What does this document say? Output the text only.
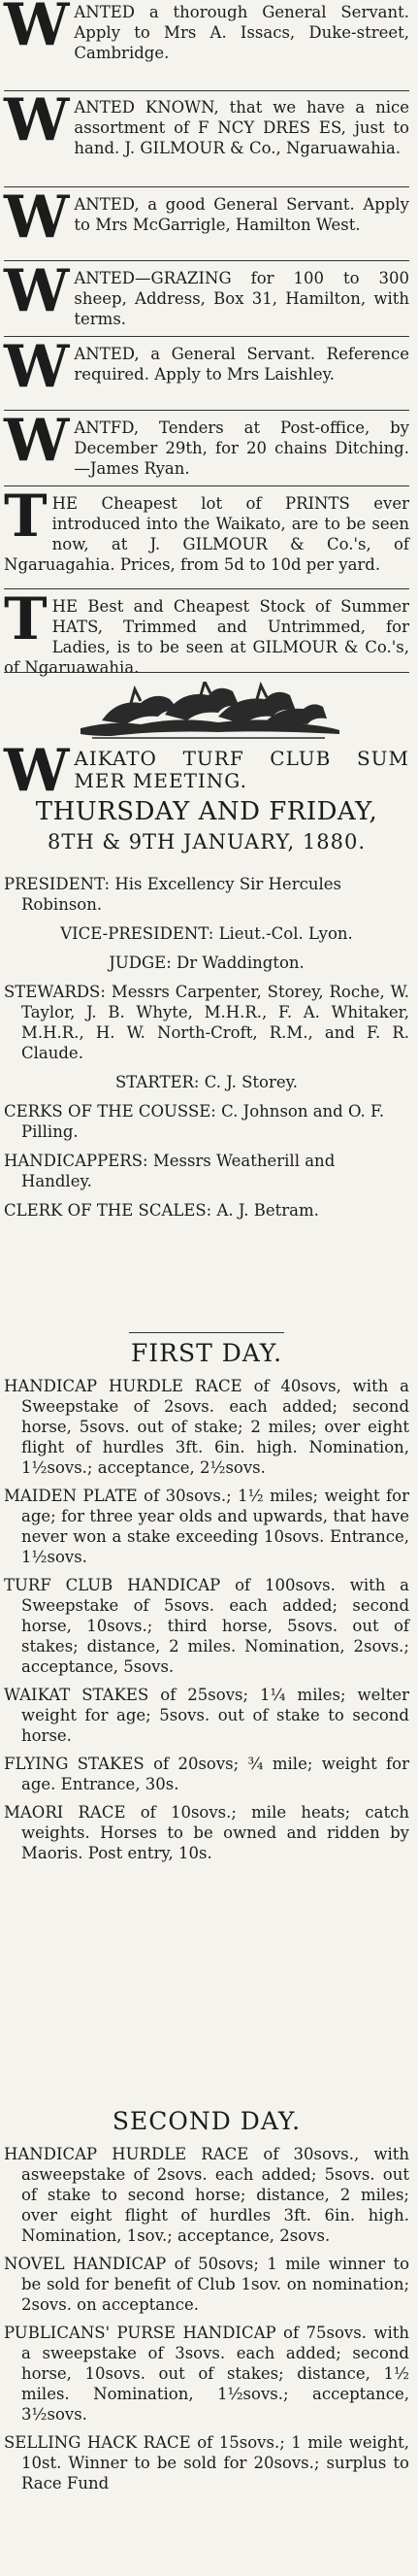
WANTED a thorough General Servant. Apply to Mrs A. Issacs, Duke-street, Cambridge.
WANTED KNOWN, that we have a nice assortment of F NCY DRES ES, just to hand. J. GILMOUR & Co., Ngaruawahia.
WANTED, a good General Servant. Apply to Mrs McGarrigle, Hamilton West.
WANTED—GRAZING for 100 to 300 sheep, Address, Box 31, Hamilton, with terms.
WANTED, a General Servant. Reference required. Apply to Mrs Laishley.
WANTFD, Tenders at Post-office, by December 29th, for 20 chains Ditching.—James Ryan.
THE Cheapest lot of PRINTS ever introduced into the Waikato, are to be seen now, at J. GILMOUR & Co.'s, of Ngaruagahia. Prices, from 5d to 10d per yard.
THE Best and Cheapest Stock of Summer HATS, Trimmed and Untrimmed, for Ladies, is to be seen at GILMOUR & Co.'s, of Ngaruawahia.

WAIKATO TURF CLUB SUM MER MEETING.

THURSDAY AND FRIDAY,

8TH & 9TH JANUARY, 1880.

PRESIDENT: His Excellency Sir Hercules Robinson.

VICE-PRESIDENT: Lieut.-Col. Lyon.

JUDGE: Dr Waddington.

STEWARDS: Messrs Carpenter, Storey, Roche, W. Taylor, J. B. Whyte, M.H.R., F. A. Whitaker, M.H.R., H. W. North-Croft, R.M., and F. R. Claude.

STARTER: C. J. Storey.

CERKS OF THE COUSSE: C. Johnson and O. F. Pilling.

HANDICAPPERS: Messrs Weatherill and Handley.

CLERK OF THE SCALES: A. J. Betram.

FIRST DAY.

HANDICAP HURDLE RACE of 40sovs, with a Sweepstake of 2sovs. each added; second horse, 5sovs. out of stake; 2 miles; over eight flight of hurdles 3ft. 6in. high. Nomination, 1½sovs.; acceptance, 2½sovs.

MAIDEN PLATE of 30sovs.; 1½ miles; weight for age; for three year olds and upwards, that have never won a stake exceeding 10sovs. Entrance, 1½sovs.

TURF CLUB HANDICAP of 100sovs. with a Sweepstake of 5sovs. each added; second horse, 10sovs.; third horse, 5sovs. out of stakes; distance, 2 miles. Nomination, 2sovs.; acceptance, 5sovs.

WAIKAT STAKES of 25sovs; 1¼ miles; welter weight for age; 5sovs. out of stake to second horse.

FLYING STAKES of 20sovs; ¾ mile; weight for age. Entrance, 30s.

MAORI RACE of 10sovs.; mile heats; catch weights. Horses to be owned and ridden by Maoris. Post entry, 10s.

SECOND DAY.

HANDICAP HURDLE RACE of 30sovs., with asweepstake of 2sovs. each added; 5sovs. out of stake to second horse; distance, 2 miles; over eight flight of hurdles 3ft. 6in. high. Nomination, 1sov.; acceptance, 2sovs.

NOVEL HANDICAP of 50sovs; 1 mile winner to be sold for benefit of Club 1sov. on nomination; 2sovs. on acceptance.

PUBLICANS' PURSE HANDICAP of 75sovs. with a sweepstake of 3sovs. each added; second horse, 10sovs. out of stakes; distance, 1½ miles. Nomination, 1½sovs.; acceptance, 3½sovs.

SELLING HACK RACE of 15sovs.; 1 mile weight, 10st. Winner to be sold for 20sovs.; surplus to Race Fund
